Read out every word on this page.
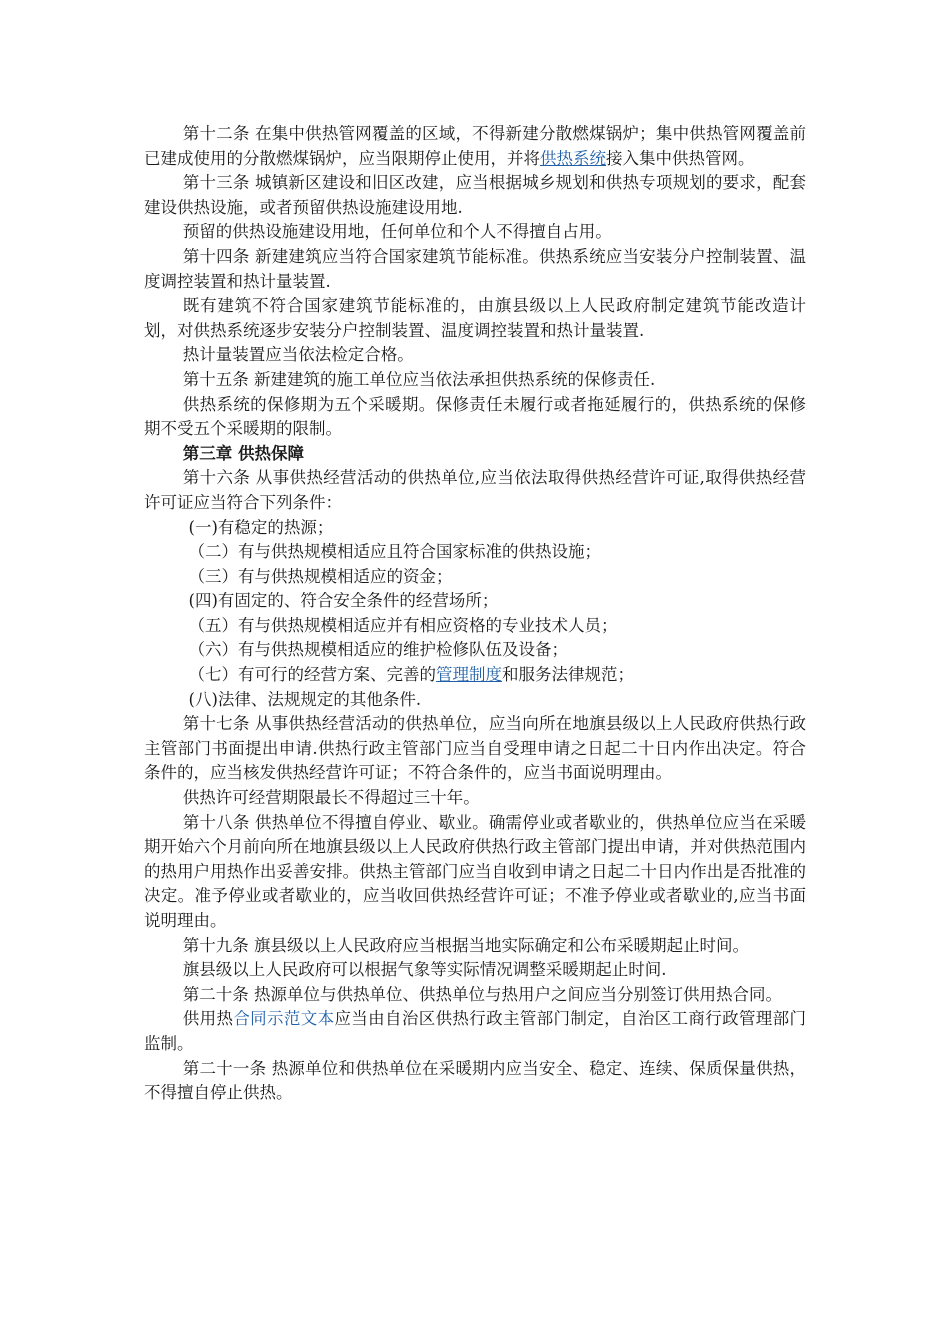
第十二条 在集中供热管网覆盖的区域，不得新建分散燃煤锅炉；集中供热管网覆盖前已建成使用的分散燃煤锅炉，应当限期停止使用，并将供热系统接入集中供热管网。

第十三条 城镇新区建设和旧区改建，应当根据城乡规划和供热专项规划的要求，配套建设供热设施，或者预留供热设施建设用地.

预留的供热设施建设用地，任何单位和个人不得擅自占用。

第十四条 新建建筑应当符合国家建筑节能标准。供热系统应当安装分户控制装置、温度调控装置和热计量装置.

既有建筑不符合国家建筑节能标准的，由旗县级以上人民政府制定建筑节能改造计划，对供热系统逐步安装分户控制装置、温度调控装置和热计量装置.

热计量装置应当依法检定合格。

第十五条 新建建筑的施工单位应当依法承担供热系统的保修责任.

供热系统的保修期为五个采暖期。保修责任未履行或者拖延履行的，供热系统的保修期不受五个采暖期的限制。

第三章 供热保障

第十六条 从事供热经营活动的供热单位,应当依法取得供热经营许可证,取得供热经营许可证应当符合下列条件：

(一)有稳定的热源；

（二）有与供热规模相适应且符合国家标准的供热设施；

（三）有与供热规模相适应的资金；

(四)有固定的、符合安全条件的经营场所；

（五）有与供热规模相适应并有相应资格的专业技术人员；

（六）有与供热规模相适应的维护检修队伍及设备；

（七）有可行的经营方案、完善的管理制度和服务法律规范；

(八)法律、法规规定的其他条件.

第十七条 从事供热经营活动的供热单位，应当向所在地旗县级以上人民政府供热行政主管部门书面提出申请.供热行政主管部门应当自受理申请之日起二十日内作出决定。符合条件的，应当核发供热经营许可证；不符合条件的，应当书面说明理由。

供热许可经营期限最长不得超过三十年。

第十八条 供热单位不得擅自停业、歇业。确需停业或者歇业的，供热单位应当在采暖期开始六个月前向所在地旗县级以上人民政府供热行政主管部门提出申请，并对供热范围内的热用户用热作出妥善安排。供热主管部门应当自收到申请之日起二十日内作出是否批准的决定。准予停业或者歇业的，应当收回供热经营许可证；不准予停业或者歇业的,应当书面说明理由。

第十九条 旗县级以上人民政府应当根据当地实际确定和公布采暖期起止时间。

旗县级以上人民政府可以根据气象等实际情况调整采暖期起止时间.

第二十条 热源单位与供热单位、供热单位与热用户之间应当分别签订供用热合同。

供用热合同示范文本应当由自治区供热行政主管部门制定，自治区工商行政管理部门监制。

第二十一条 热源单位和供热单位在采暖期内应当安全、稳定、连续、保质保量供热，不得擅自停止供热。
